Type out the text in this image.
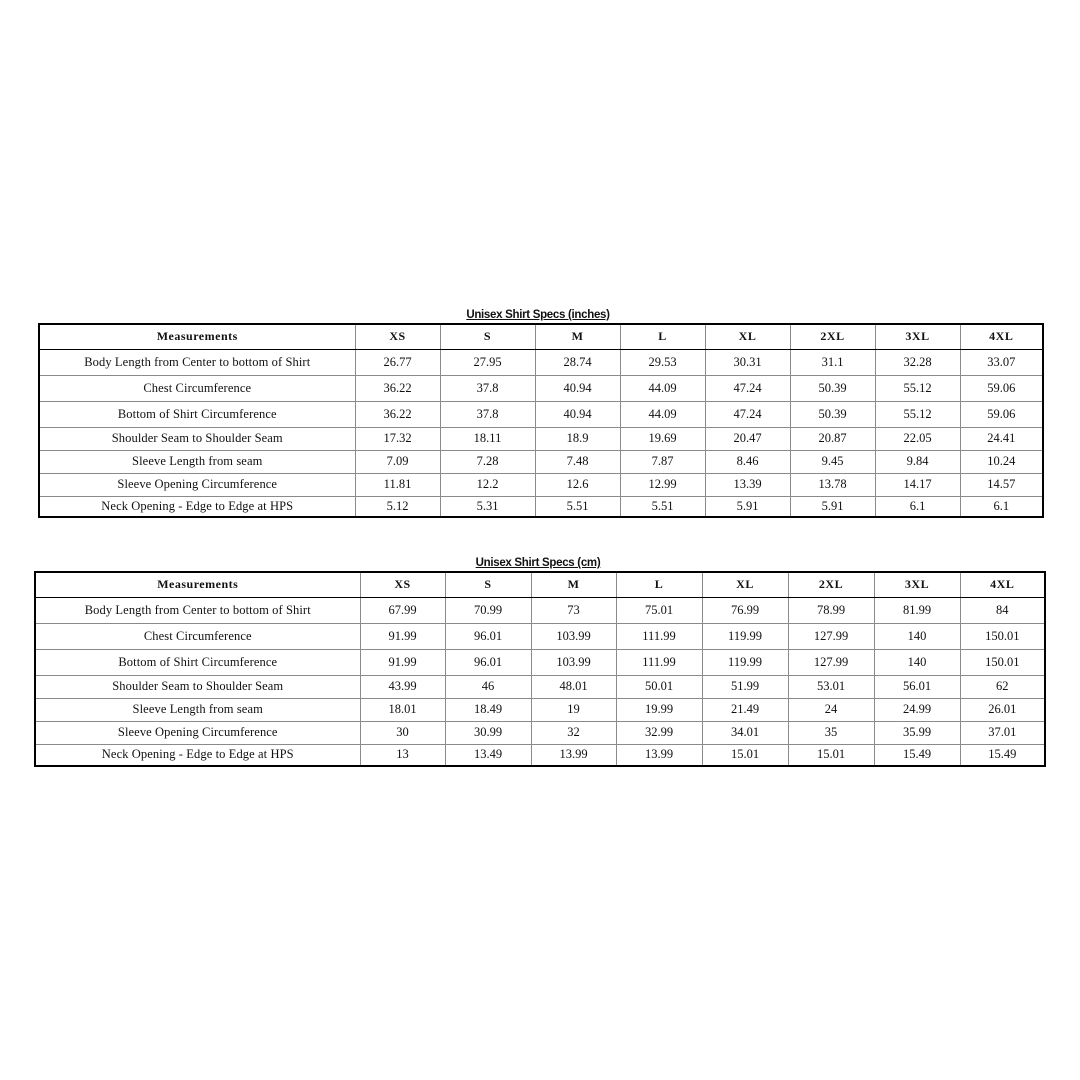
Unisex Shirt Specs (inches)
Measurements	XS	S	M	L	XL	2XL	3XL	4XL
Body Length from Center to bottom of Shirt	26.77	27.95	28.74	29.53	30.31	31.1	32.28	33.07
Chest Circumference	36.22	37.8	40.94	44.09	47.24	50.39	55.12	59.06
Bottom of Shirt Circumference	36.22	37.8	40.94	44.09	47.24	50.39	55.12	59.06
Shoulder Seam to Shoulder Seam	17.32	18.11	18.9	19.69	20.47	20.87	22.05	24.41
Sleeve Length from seam	7.09	7.28	7.48	7.87	8.46	9.45	9.84	10.24
Sleeve Opening Circumference	11.81	12.2	12.6	12.99	13.39	13.78	14.17	14.57
Neck Opening - Edge to Edge at HPS	5.12	5.31	5.51	5.51	5.91	5.91	6.1	6.1
Unisex Shirt Specs (cm)
Measurements	XS	S	M	L	XL	2XL	3XL	4XL
Body Length from Center to bottom of Shirt	67.99	70.99	73	75.01	76.99	78.99	81.99	84
Chest Circumference	91.99	96.01	103.99	111.99	119.99	127.99	140	150.01
Bottom of Shirt Circumference	91.99	96.01	103.99	111.99	119.99	127.99	140	150.01
Shoulder Seam to Shoulder Seam	43.99	46	48.01	50.01	51.99	53.01	56.01	62
Sleeve Length from seam	18.01	18.49	19	19.99	21.49	24	24.99	26.01
Sleeve Opening Circumference	30	30.99	32	32.99	34.01	35	35.99	37.01
Neck Opening - Edge to Edge at HPS	13	13.49	13.99	13.99	15.01	15.01	15.49	15.49
